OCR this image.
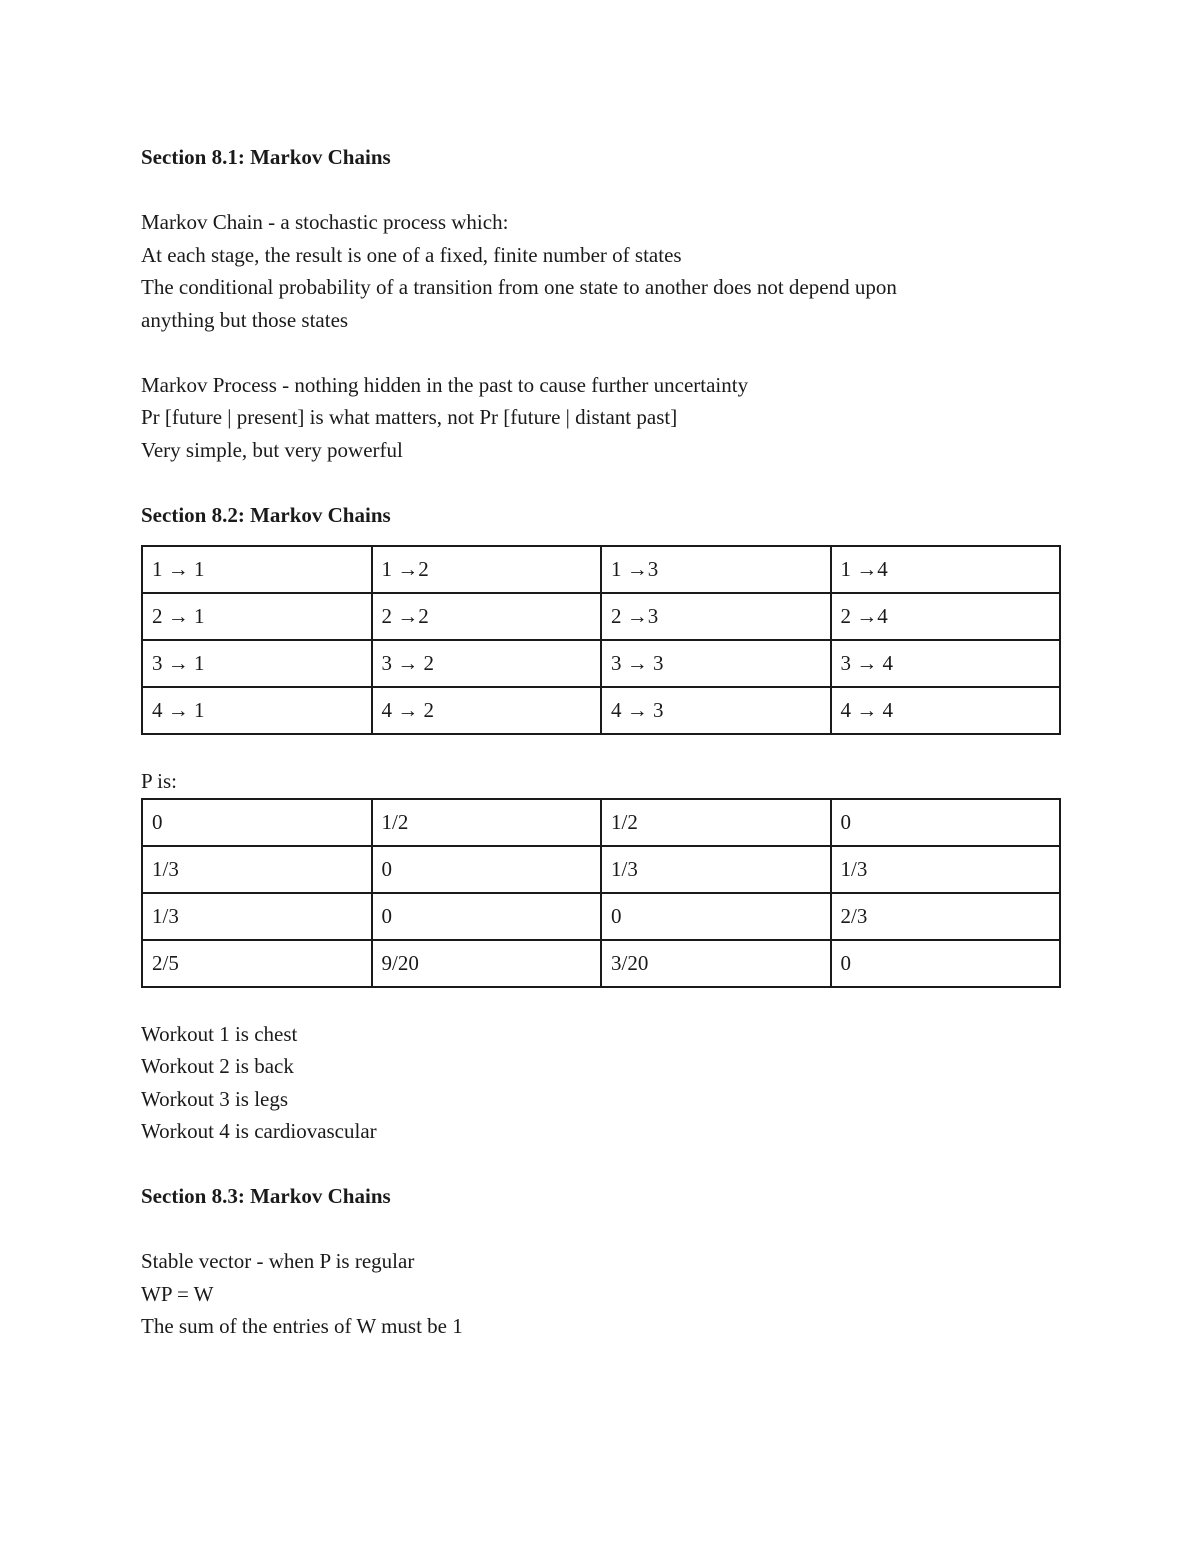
Section 8.1: Markov Chains
Markov Chain - a stochastic process which:
At each stage, the result is one of a fixed, finite number of states
The conditional probability of a transition from one state to another does not depend upon
anything but those states
Markov Process - nothing hidden in the past to cause further uncertainty
Pr [future | present] is what matters, not Pr [future | distant past]
Very simple, but very powerful
Section 8.2: Markov Chains
1 → 1	1 →2	1 →3	1 →4
2 → 1	2 →2	2 →3	2 →4
3 → 1	3 → 2	3 → 3	3 → 4
4 → 1	4 → 2	4 → 3	4 → 4
P is:
0	1/2	1/2	0
1/3	0	1/3	1/3
1/3	0	0	2/3
2/5	9/20	3/20	0
Workout 1 is chest
Workout 2 is back
Workout 3 is legs
Workout 4 is cardiovascular
Section 8.3: Markov Chains
Stable vector - when P is regular
WP = W
The sum of the entries of W must be 1
